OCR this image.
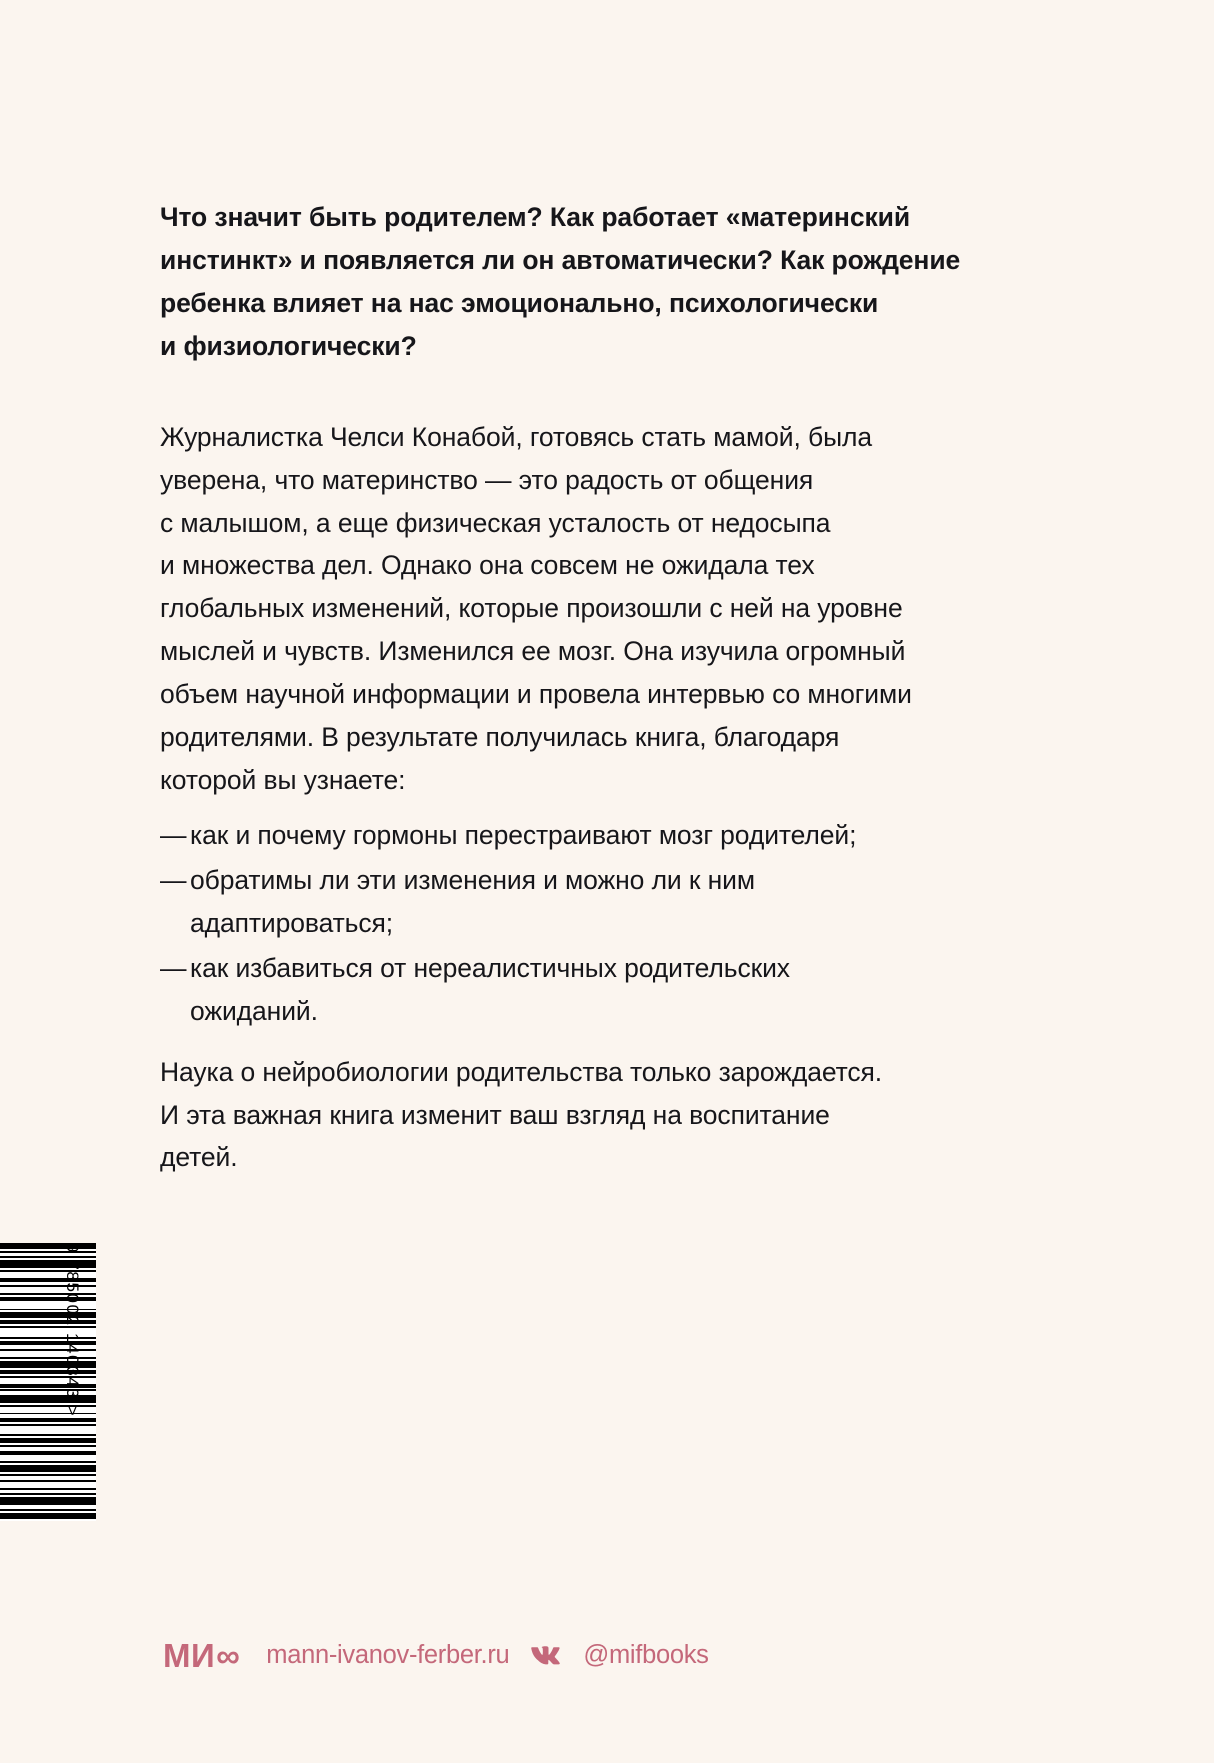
Что значит быть родителем? Как работает «материнский
инстинкт» и появляется ли он автоматически? Как рождение
ребенка влияет на нас эмоционально, психологически
и физиологически?

Журналистка Челси Конабой, готовясь стать мамой, была
уверена, что материнство — это радость от общения
с малышом, а еще физическая усталость от недосыпа
и множества дел. Однако она совсем не ожидала тех
глобальных изменений, которые произошли с ней на уровне
мыслей и чувств. Изменился ее мозг. Она изучила огромный
объем научной информации и провела интервью со многими
родителями. В результате получилась книга, благодаря
которой вы узнаете:

— как и почему гормоны перестраивают мозг родителей;
— обратимы ли эти изменения и можно ли к ним
адаптироваться;
— как избавиться от нереалистичных родительских
ожиданий.

Наука о нейробиологии родительства только зарождается.
И эта важная книга изменит ваш взгляд на воспитание
детей.

9 785002 140343 >
МИ ∞ mann-ivanov-ferber.ru	@mifbooks
